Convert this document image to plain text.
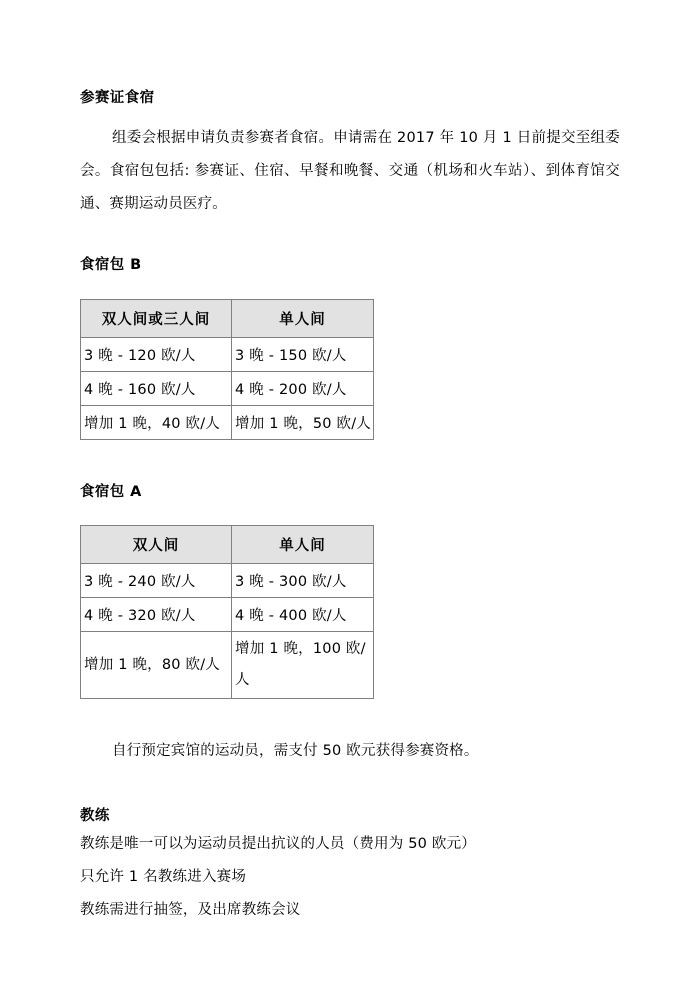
参赛证食宿

组委会根据申请负责参赛者食宿。申请需在 2017 年 10 月 1 日前提交至组委会。食宿包包括: 参赛证、住宿、早餐和晚餐、交通（机场和火车站）、到体育馆交通、赛期运动员医疗。

食宿包 B
双人间或三人间	单人间
3 晚 - 120 欧/人	3 晚 - 150 欧/人
4 晚 - 160 欧/人	4 晚 - 200 欧/人
增加 1 晚，40 欧/人	增加 1 晚，50 欧/人
食宿包 A
双人间	单人间
3 晚 - 240 欧/人	3 晚 - 300 欧/人
4 晚 - 320 欧/人	4 晚 - 400 欧/人
增加 1 晚，80 欧/人	增加 1 晚，100 欧/人

自行预定宾馆的运动员，需支付 50 欧元获得参赛资格。

教练

教练是唯一可以为运动员提出抗议的人员（费用为 50 欧元）

只允许 1 名教练进入赛场

教练需进行抽签，及出席教练会议
